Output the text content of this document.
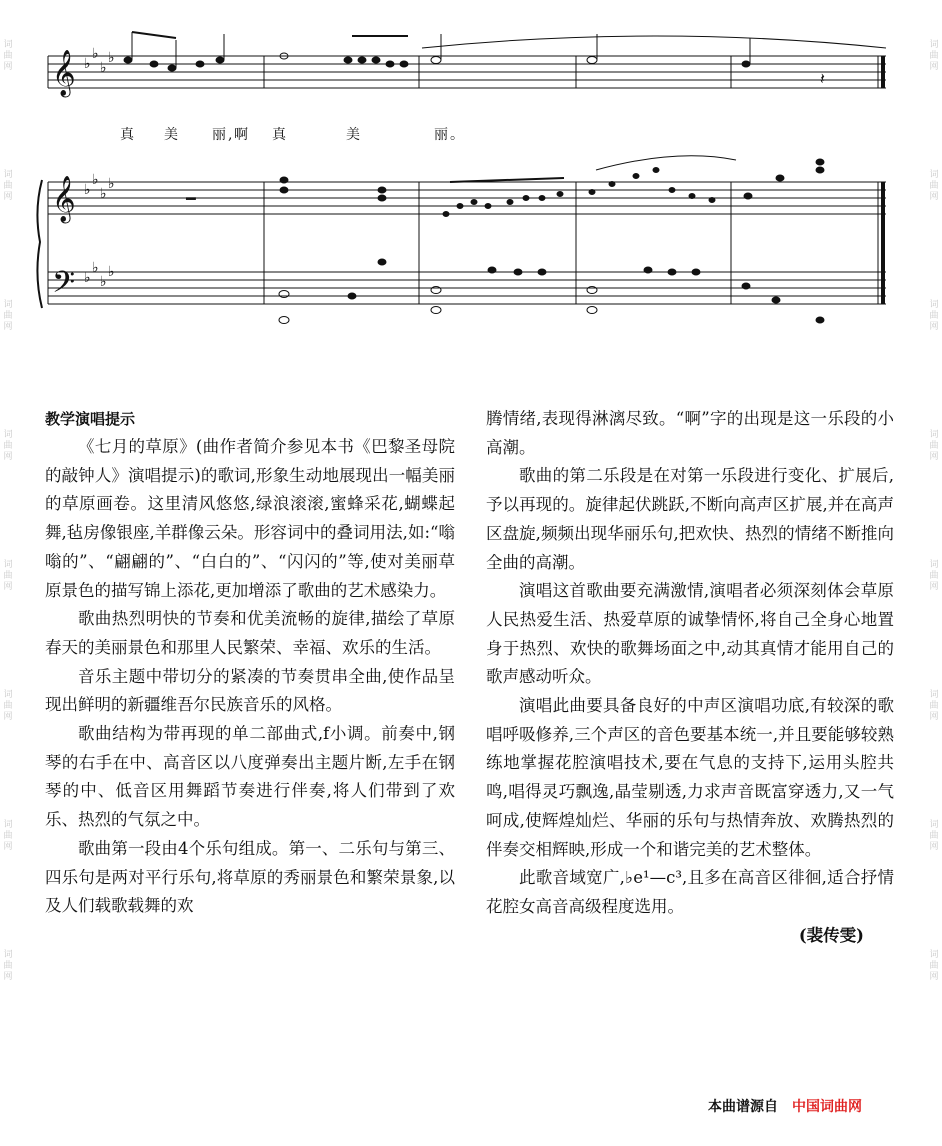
词曲网
词曲网
词曲网
词曲网
词曲网
词曲网
词曲网
词曲网
词曲网
词曲网
词曲网
词曲网
词曲网
词曲网
词曲网
词曲网
𝄞
𝄞
𝄢
♭
♭
♭
♭
♭
♭
♭
♭
♭
♭
♭
♭
━
𝄽
真 美 丽, 啊 真	美	丽。
教学演唱提示

《七月的草原》(曲作者简介参见本书《巴黎圣母院的敲钟人》演唱提示)的歌词,形象生动地展现出一幅美丽的草原画卷。这里清风悠悠,绿浪滚滚,蜜蜂采花,蝴蝶起舞,毡房像银座,羊群像云朵。形容词中的叠词用法,如:“嗡嗡的”、“翩翩的”、“白白的”、“闪闪的”等,使对美丽草原景色的描写锦上添花,更加增添了歌曲的艺术感染力。

歌曲热烈明快的节奏和优美流畅的旋律,描绘了草原春天的美丽景色和那里人民繁荣、幸福、欢乐的生活。

音乐主题中带切分的紧凑的节奏贯串全曲,使作品呈现出鲜明的新疆维吾尔民族音乐的风格。

歌曲结构为带再现的单二部曲式,f小调。前奏中,钢琴的右手在中、高音区以八度弹奏出主题片断,左手在钢琴的中、低音区用舞蹈节奏进行伴奏,将人们带到了欢乐、热烈的气氛之中。

歌曲第一段由4个乐句组成。第一、二乐句与第三、四乐句是两对平行乐句,将草原的秀丽景色和繁荣景象,以及人们载歌载舞的欢

腾情绪,表现得淋漓尽致。“啊”字的出现是这一乐段的小高潮。

歌曲的第二乐段是在对第一乐段进行变化、扩展后,予以再现的。旋律起伏跳跃,不断向高声区扩展,并在高声区盘旋,频频出现华丽乐句,把欢快、热烈的情绪不断推向全曲的高潮。

演唱这首歌曲要充满激情,演唱者必须深刻体会草原人民热爱生活、热爱草原的诚挚情怀,将自己全身心地置身于热烈、欢快的歌舞场面之中,动其真情才能用自己的歌声感动听众。

演唱此曲要具备良好的中声区演唱功底,有较深的歌唱呼吸修养,三个声区的音色要基本统一,并且要能够较熟练地掌握花腔演唱技术,要在气息的支持下,运用头腔共鸣,唱得灵巧飘逸,晶莹剔透,力求声音既富穿透力,又一气呵成,使辉煌灿烂、华丽的乐句与热情奔放、欢腾热烈的伴奏交相辉映,形成一个和谐完美的艺术整体。

此歌音域宽广,♭e¹—c³,且多在高音区徘徊,适合抒情花腔女高音高级程度选用。

(裴传雯)
本曲谱源自 中国词曲网
